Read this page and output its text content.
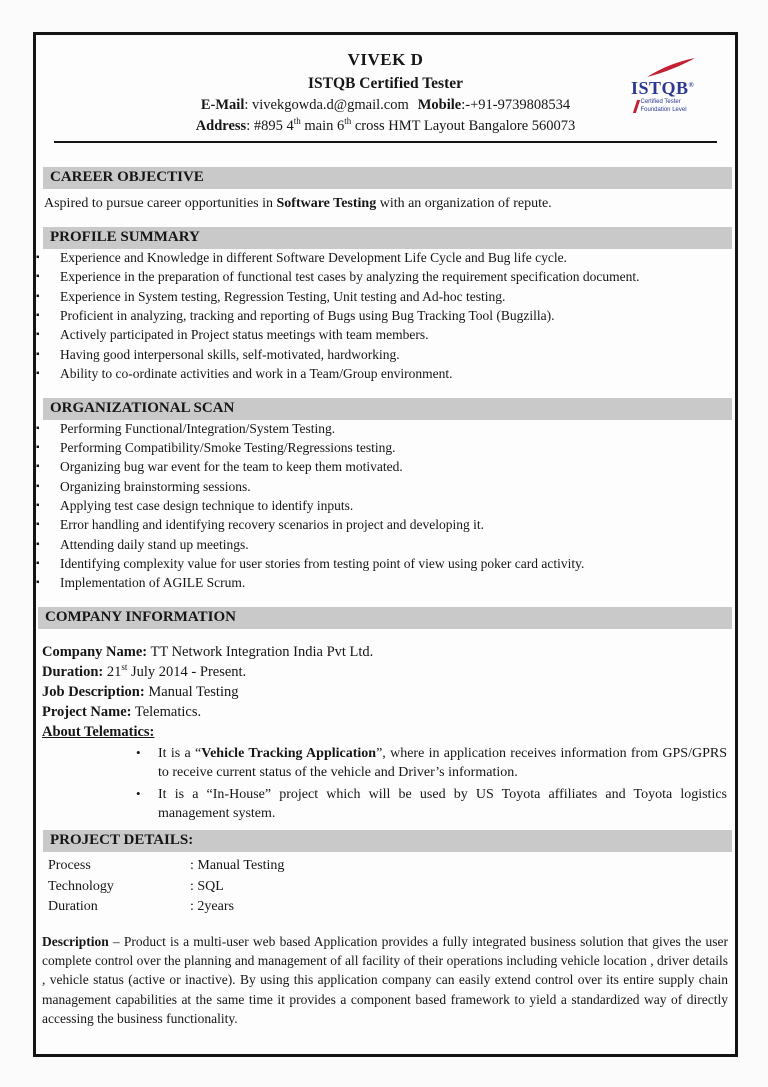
VIVEK D
ISTQB Certified Tester
E-Mail: vivekgowda.d@gmail.com Mobile:-+91-9739808534
Address: #895 4th main 6th cross HMT Layout Bangalore 560073
ISTQB®
Certified Tester
Foundation Level
CAREER OBJECTIVE
Aspired to pursue career opportunities in Software Testing with an organization of repute.
PROFILE SUMMARY
▪	Experience and Knowledge in different Software Development Life Cycle and Bug life cycle.
▪	Experience in the preparation of functional test cases by analyzing the requirement specification document.
▪	Experience in System testing, Regression Testing, Unit testing and Ad-hoc testing.
▪	Proficient in analyzing, tracking and reporting of Bugs using Bug Tracking Tool (Bugzilla).
▪	Actively participated in Project status meetings with team members.
▪	Having good interpersonal skills, self-motivated, hardworking.
▪	Ability to co-ordinate activities and work in a Team/Group environment.
ORGANIZATIONAL SCAN
▪	Performing Functional/Integration/System Testing.
▪	Performing Compatibility/Smoke Testing/Regressions testing.
▪	Organizing bug war event for the team to keep them motivated.
▪	Organizing brainstorming sessions.
▪	Applying test case design technique to identify inputs.
▪	Error handling and identifying recovery scenarios in project and developing it.
▪	Attending daily stand up meetings.
▪	Identifying complexity value for user stories from testing point of view using poker card activity.
▪	Implementation of AGILE Scrum.
COMPANY INFORMATION
Company Name: TT Network Integration India Pvt Ltd.
Duration: 21st July 2014 - Present.
Job Description: Manual Testing
Project Name: Telematics.
About Telematics:
•	It is a “Vehicle Tracking Application”, where in application receives information from GPS/GPRS to receive current status of the vehicle and Driver’s information.
•	It is a “In-House” project which will be used by US Toyota affiliates and Toyota logistics management system.
PROJECT DETAILS:
Process	: Manual Testing
Technology	: SQL
Duration	: 2years
Description – Product is a multi-user web based Application provides a fully integrated business solution that gives the user complete control over the planning and management of all facility of their operations including vehicle location , driver details , vehicle status (active or inactive). By using this application company can easily extend control over its entire supply chain management capabilities at the same time it provides a component based framework to yield a standardized way of directly accessing the business functionality.
